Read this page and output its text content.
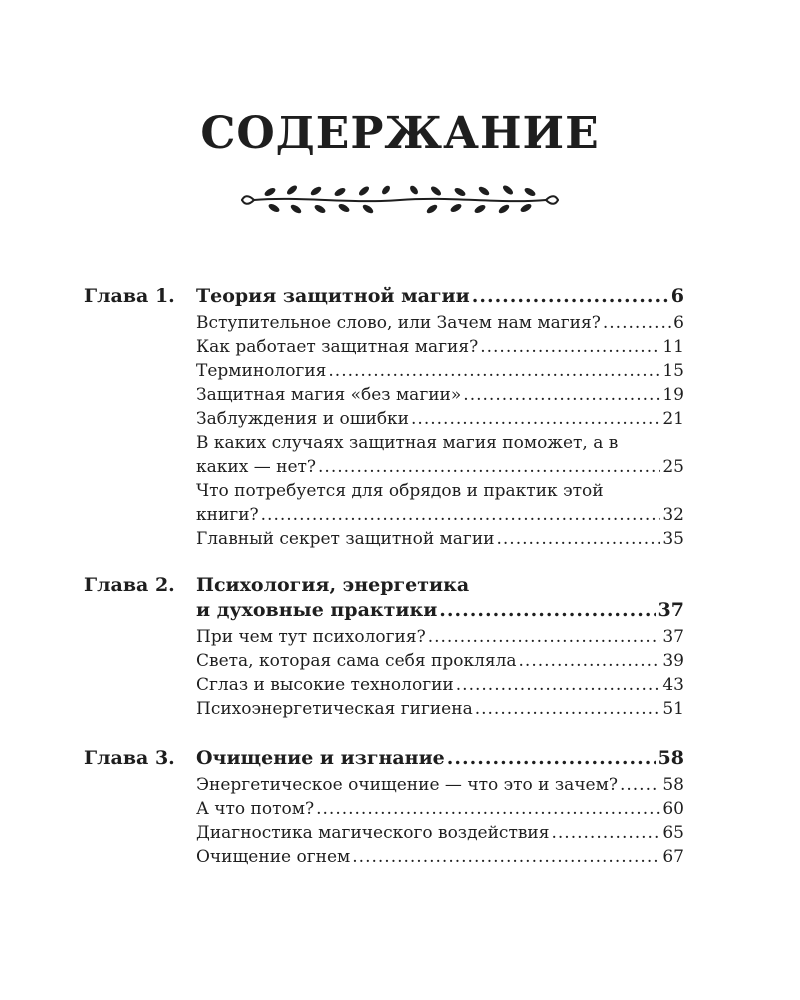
СОДЕРЖАНИЕ
Глава 1. Теория защитной магии .....	6
Вступительное слово, или Зачем нам магия? .....	6
Как работает защитная магия? .....	11
Терминология .....	15
Защитная магия «без магии» .....	19
Заблуждения и ошибки .....	21
В каких случаях защитная магия поможет, а в
каких — нет? .....	25
Что потребуется для обрядов и практик этой
книги? .....	32
Главный секрет защитной магии .....	35
Глава 2. Психология, энергетика
и духовные практики .....	37
При чем тут психология? .....	37
Света, которая сама себя прокляла .....	39
Сглаз и высокие технологии .....	43
Психоэнергетическая гигиена .....	51
Глава 3. Очищение и изгнание .....	58
Энергетическое очищение — что это и зачем? .....	58
А что потом? .....	60
Диагностика магического воздействия .....	65
Очищение огнем .....	67
